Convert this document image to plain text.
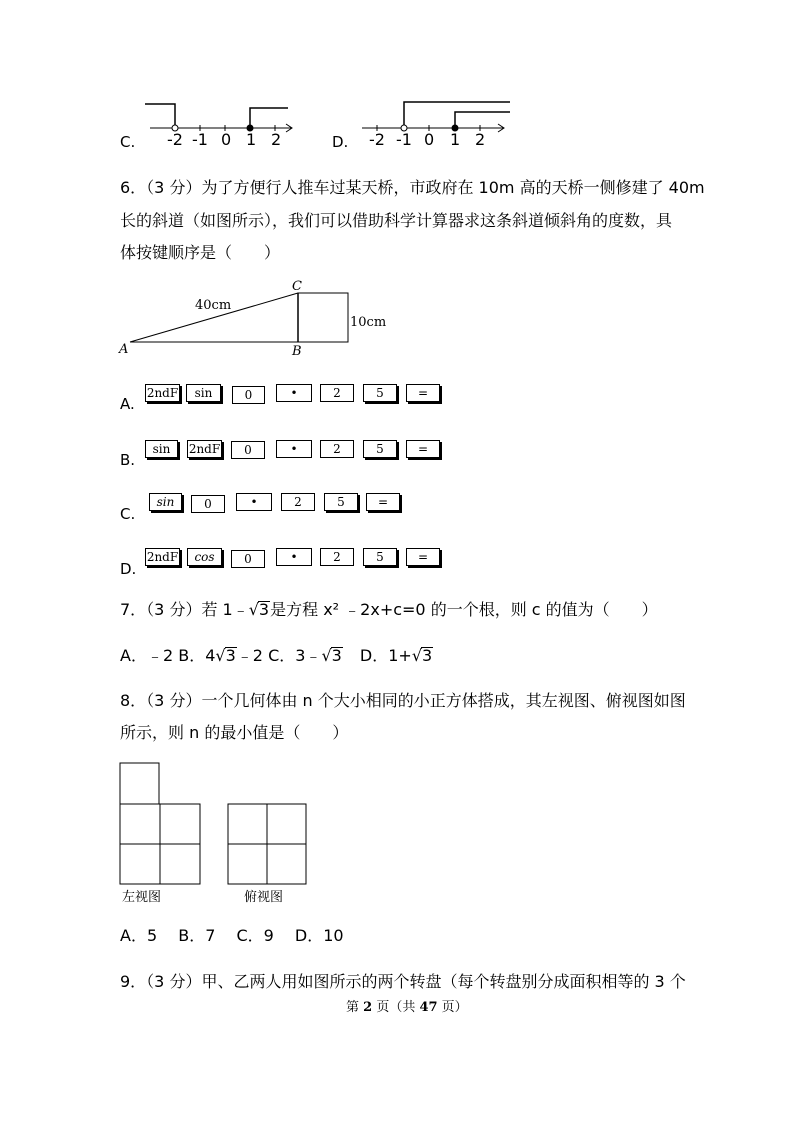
C. -2 -1 0 1 2	D. -2 -1 0 1 2
6．（3 分）为了方便行人推车过某天桥，市政府在 10m 高的天桥一侧修建了 40m
长的斜道（如图所示），我们可以借助科学计算器求这条斜道倾斜角的度数，具
体按键顺序是（　　）
A	B
C
40cm
10cm
A.
2ndF	sin	0	•	2	5	=
B.
sin	2ndF	0	•	2	5	=
C.
sin	0	•	2	5	=
D.
2ndF	cos	0	•	2	5	=
7．（3 分）若 1﹣√3是方程 x² ﹣2x+c=0 的一个根，则 c 的值为（　　）
A．﹣2 B．4√3﹣2 C．3﹣√3 D．1+√3
8．（3 分）一个几何体由 n 个大小相同的小正方体搭成，其左视图、俯视图如图
所示，则 n 的最小值是（　　）
左视图	俯视图
A．5　 B．7　 C．9　 D．10
9．（3 分）甲、乙两人用如图所示的两个转盘（每个转盘别分成面积相等的 3 个
第 2 页（共 47 页）
